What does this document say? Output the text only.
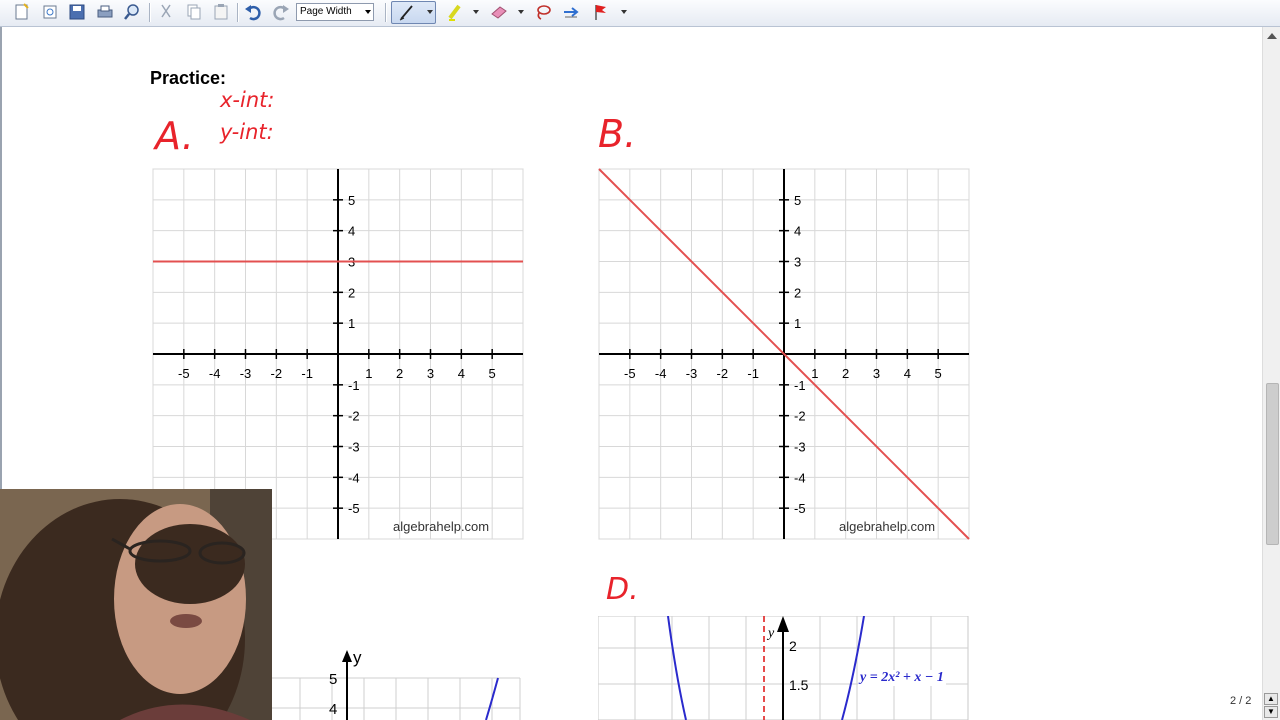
Page Width
Practice:
x-int:
y-int:
A.	B.
D.
-5 -4 -3 -2 -1	1 2 3 4 5
5
4
3
2
1
-1
-2
-3
-4
-5
algebrahelp.com
-5 -4 -3 -2 -1	1 2 3 4 5
5
4
3
2
1
-1
-2
-3
-4
-5
algebrahelp.com
y
5
4
y
2
1.5	y = 2x² + x − 1
2 / 2	▲
▼
